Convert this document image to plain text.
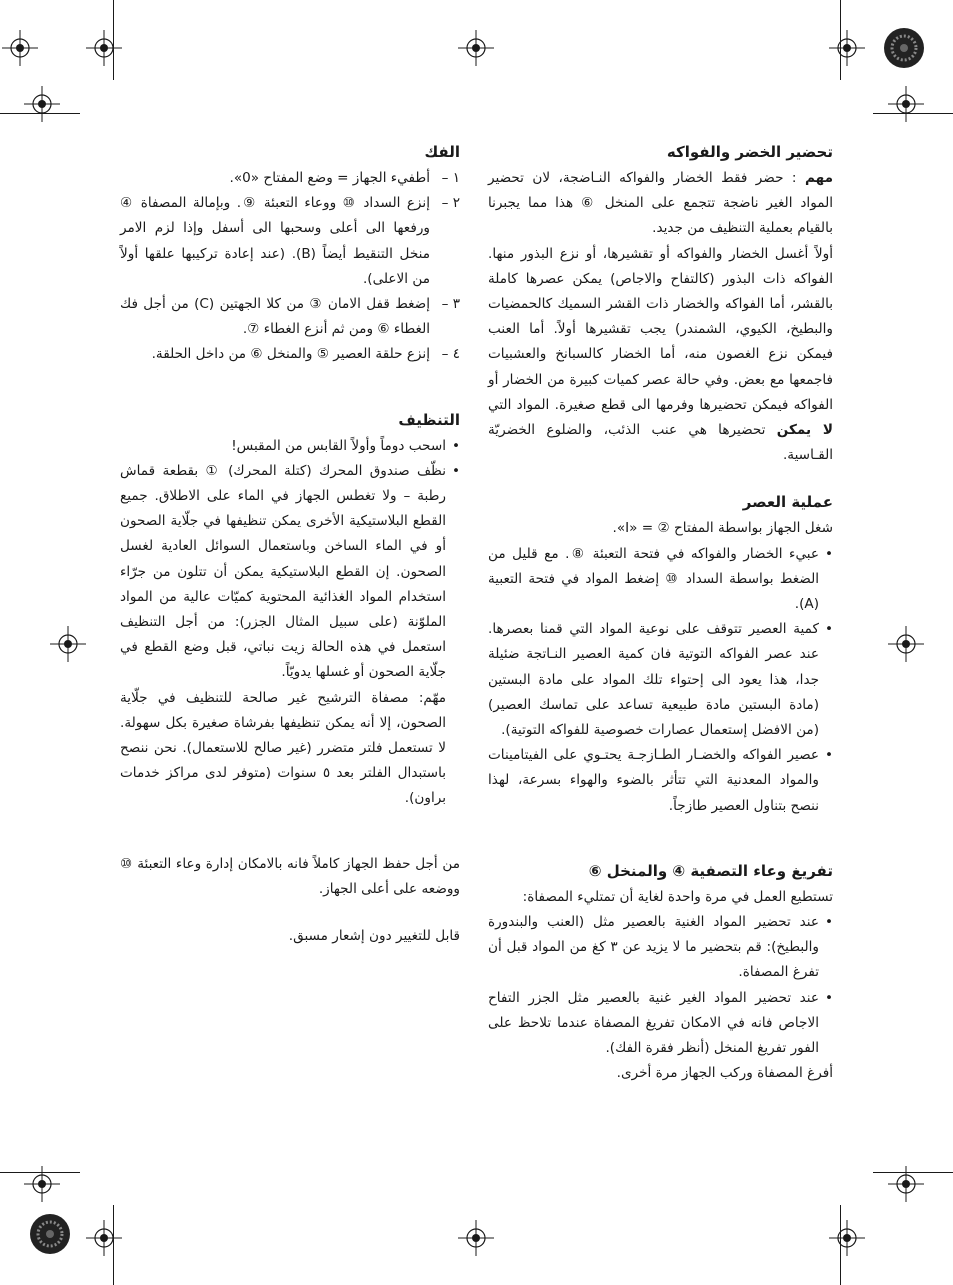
تحضير الخضر والفواكه

مهم : حضر فقط الخضار والفواكه النـاضجة، لان تحضير المواد الغير ناضجة تتجمع على المنخل ⑥ هذا مما يجبرنا بالقيام بعملية التنظيف من جديد.

أولاً أغسل الخضار والفواكه أو تقشيرها، أو نزع البذور منها. الفواكه ذات البذور (كالتفاح والاجاص) يمكن عصرها كاملة بالقشر، أما الفواكه والخضار ذات القشر السميك كالحمضيات والبطيخ، الكيوي، الشمندر) يجب تقشيرها أولاً. أما العنب فيمكن نزع الغصون منه، أما الخضار كالسبانخ والعشبيات فاجمعها مع بعض. وفي حالة عصر كميات كبيرة من الخضار أو الفواكه فيمكن تحضيرها وفرمها الى قطع صغيرة. المواد التي لا يمكن تحضيرها هي عنب الذئب، والضلوع الخضريّة القـاسية.

عملية العصر

شغل الجهاز بواسطة المفتاح ② = «I».

• عبيء الخضار والفواكه في فتحة التعبئة ⑧. مع قليل من الضغط بواسطة السداد ⑩ إضغط المواد في فتحة التعبية (A).
• كمية العصير تتوقف على نوعية المواد التي قمنا بعصرها. عند عصر الفواكه التوتية فان كمية العصير النـاتجة ضئيلة جدا، هذا يعود الى إحتواء تلك المواد على مادة البستين (مادة البستين مادة طبيعية تساعد على تماسك العصير) (من الافضل إستعمال عصارات خصوصية للفواكه التوتية).
• عصير الفواكه والخضـار الطـازجـة يحتـوي على الفيتامينات والمواد المعدنية التي تتأثر بالضوء والهواء بسرعة، لهذا ننصح بتناول العصير طازجاً.
تفريغ وعاء التصفية ④ والمنخل ⑥

تستطيع العمل في مرة واحدة لغاية أن تمتليء المصفاة:

• عند تحضير المواد الغنية بالعصير مثل (العنب والبندورة والبطيخ): قم بتحضير ما لا يزيد عن ٣ كغ من المواد قبل أن تفرغ المصفاة.
• عند تحضير المواد الغير غنية بالعصير مثل الجزر التفاح الاجاص فانه في الامكان تفريغ المصفاة عندما تلاحظ على الفور تفريغ المنخل (أنظر فقرة الفك).

أفرغ المصفاة وركب الجهاز مرة أخرى.

الفك
١ –
أطفيء الجهاز = وضع المفتاح «0».
٢ –
إنزع السداد ⑩ ووعاء التعبئة ⑨. وبإمالة المصفاة ④ ورفعها الى أعلى وسحبها الى أسفل وإذا لزم الامر منخل التنقيط أيضاً (B). (عند إعادة تركيبها علقها أولاً من الاعلى).
٣ –
إضغط قفل الامان ③ من كلا الجهتين (C) من أجل فك الغطاء ⑥ ومن ثم أنزع الغطاء ⑦.
٤ –
إنزع حلقة العصير ⑤ والمنخل ⑥ من داخل الحلقة.
التنظيف
• اسحب دوماً وأولاً القابس من المقبس!
• نظّف صندوق المحرك (كتلة المحرك) ① بقطعة قماش رطبة – ولا تغطس الجهاز في الماء على الاطلاق. جميع القطع البلاستيكية الأخرى يمكن تنظيفها في جلّاية الصحون أو في الماء الساخن وباستعمال السوائل العادية لغسل الصحون. إن القطع البلاستيكية يمكن أن تتلون من جرّاء استخدام المواد الغذائية المحتوية كميّات عالية من المواد الملوّنة (على سبيل المثال الجزر): من أجل التنظيف استعمل في هذه الحالة زيت نباتي، قبل وضع القطع في جلّاية الصحون أو غسلها يدويّاً.

مهّم: مصفاة الترشيح غير صالحة للتنظيف في جلّاية الصحون، إلا أنه يمكن تنظيفها بفرشاة صغيرة بكل سهولة. لا تستعمل فلتر متضرر (غير صالح للاستعمال). نحن ننصح باستبدال الفلتر بعد ٥ سنوات (متوفر لدى مراكز خدمات براون).

من أجل حفظ الجهاز كاملاً فانه بالامكان إدارة وعاء التعبئة ⑩ ووضعه على أعلى الجهاز.

قابل للتغيير دون إشعار مسبق.
